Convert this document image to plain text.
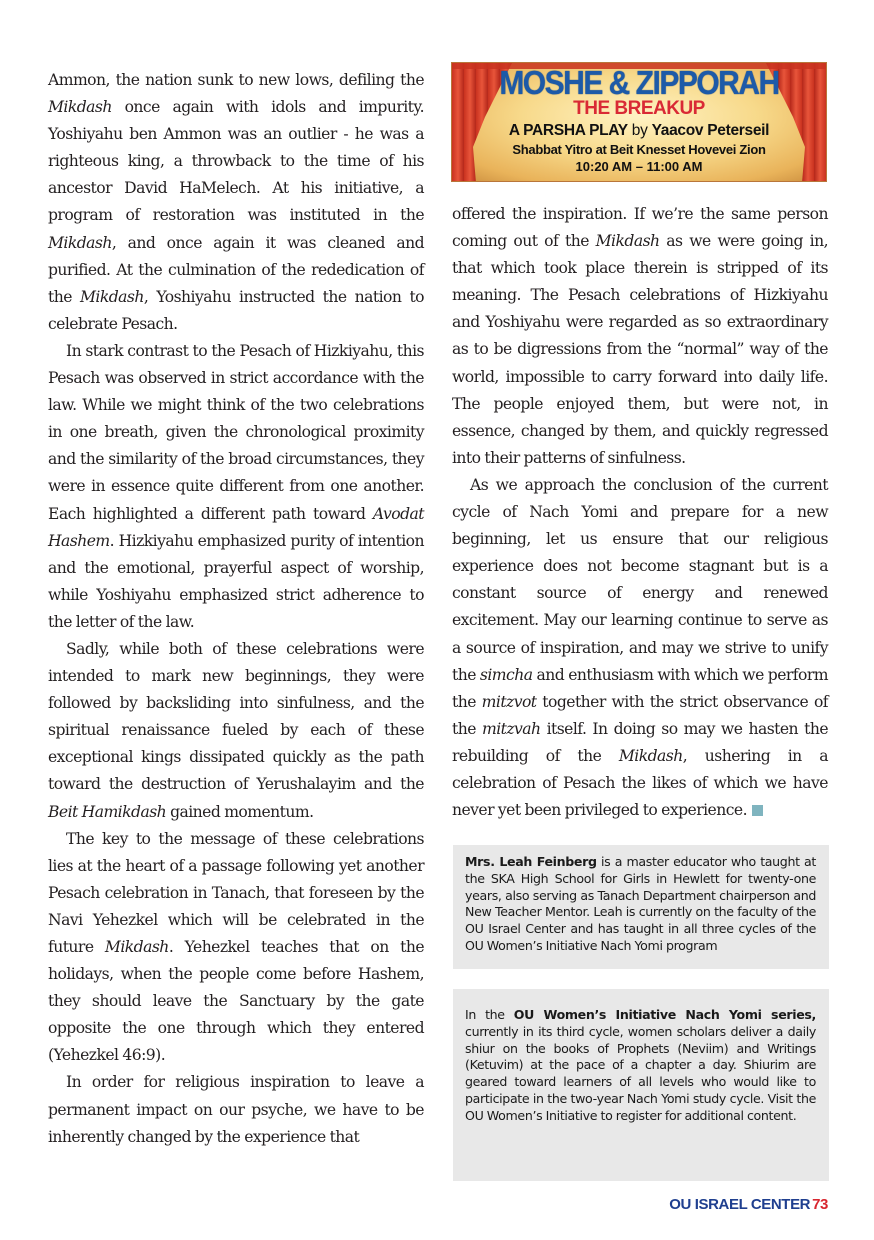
MOSHE & ZIPPORAH
THE BREAKUP
A PARSHA PLAY by Yaacov Peterseil
Shabbat Yitro at Beit Knesset Hovevei Zion
10:20 AM – 11:00 AM

Ammon, the nation sunk to new lows, defiling the Mikdash once again with idols and impurity. Yoshiyahu ben Ammon was an outlier - he was a righteous king, a throwback to the time of his ancestor David HaMelech. At his initiative, a program of restoration was instituted in the Mikdash, and once again it was cleaned and purified. At the culmination of the rededication of the Mikdash, Yoshiyahu instructed the nation to celebrate Pesach.

In stark contrast to the Pesach of Hizkiyahu, this Pesach was observed in strict accordance with the law. While we might think of the two celebrations in one breath, given the chronological proximity and the similarity of the broad circumstances, they were in essence quite different from one another. Each highlighted a different path toward Avodat Hashem. Hizkiyahu emphasized purity of intention and the emotional, prayerful aspect of worship, while Yoshiyahu emphasized strict adherence to the letter of the law.

Sadly, while both of these celebrations were intended to mark new beginnings, they were followed by backsliding into sinfulness, and the spiritual renaissance fueled by each of these exceptional kings dissipated quickly as the path toward the destruction of Yerushalayim and the Beit Hamikdash gained momentum.

The key to the message of these celebrations lies at the heart of a passage following yet another Pesach celebration in Tanach, that foreseen by the Navi Yehezkel which will be celebrated in the future Mikdash. Yehezkel teaches that on the holidays, when the people come before Hashem, they should leave the Sanctuary by the gate opposite the one through which they entered (Yehezkel 46:9).

In order for religious inspiration to leave a permanent impact on our psyche, we have to be inherently changed by the experience that

offered the inspiration. If we’re the same person coming out of the Mikdash as we were going in, that which took place therein is stripped of its meaning. The Pesach celebrations of Hizkiyahu and Yoshiyahu were regarded as so extraordinary as to be digressions from the “normal” way of the world, impossible to carry forward into daily life. The people enjoyed them, but were not, in essence, changed by them, and quickly regressed into their patterns of sinfulness.

As we approach the conclusion of the current cycle of Nach Yomi and prepare for a new beginning, let us ensure that our religious experience does not become stagnant but is a constant source of energy and renewed excitement. May our learning continue to serve as a source of inspiration, and may we strive to unify the simcha and enthusiasm with which we perform the mitzvot together with the strict observance of the mitzvah itself. In doing so may we hasten the rebuilding of the Mikdash, ushering in a celebration of Pesach the likes of which we have never yet been privileged to experience.

Mrs. Leah Feinberg is a master educator who taught at the SKA High School for Girls in Hewlett for twenty-one years, also serving as Tanach Department chairperson and New Teacher Mentor. Leah is currently on the faculty of the OU Israel Center and has taught in all three cycles of the OU Women’s Initiative Nach Yomi program
In the OU Women’s Initiative Nach Yomi series, currently in its third cycle, women scholars deliver a daily shiur on the books of Prophets (Neviim) and Writings (Ketuvim) at the pace of a chapter a day. Shiurim are geared toward learners of all levels who would like to participate in the two-year Nach Yomi study cycle. Visit the OU Women’s Initiative to register for additional content.
OU ISRAEL CENTER 73
